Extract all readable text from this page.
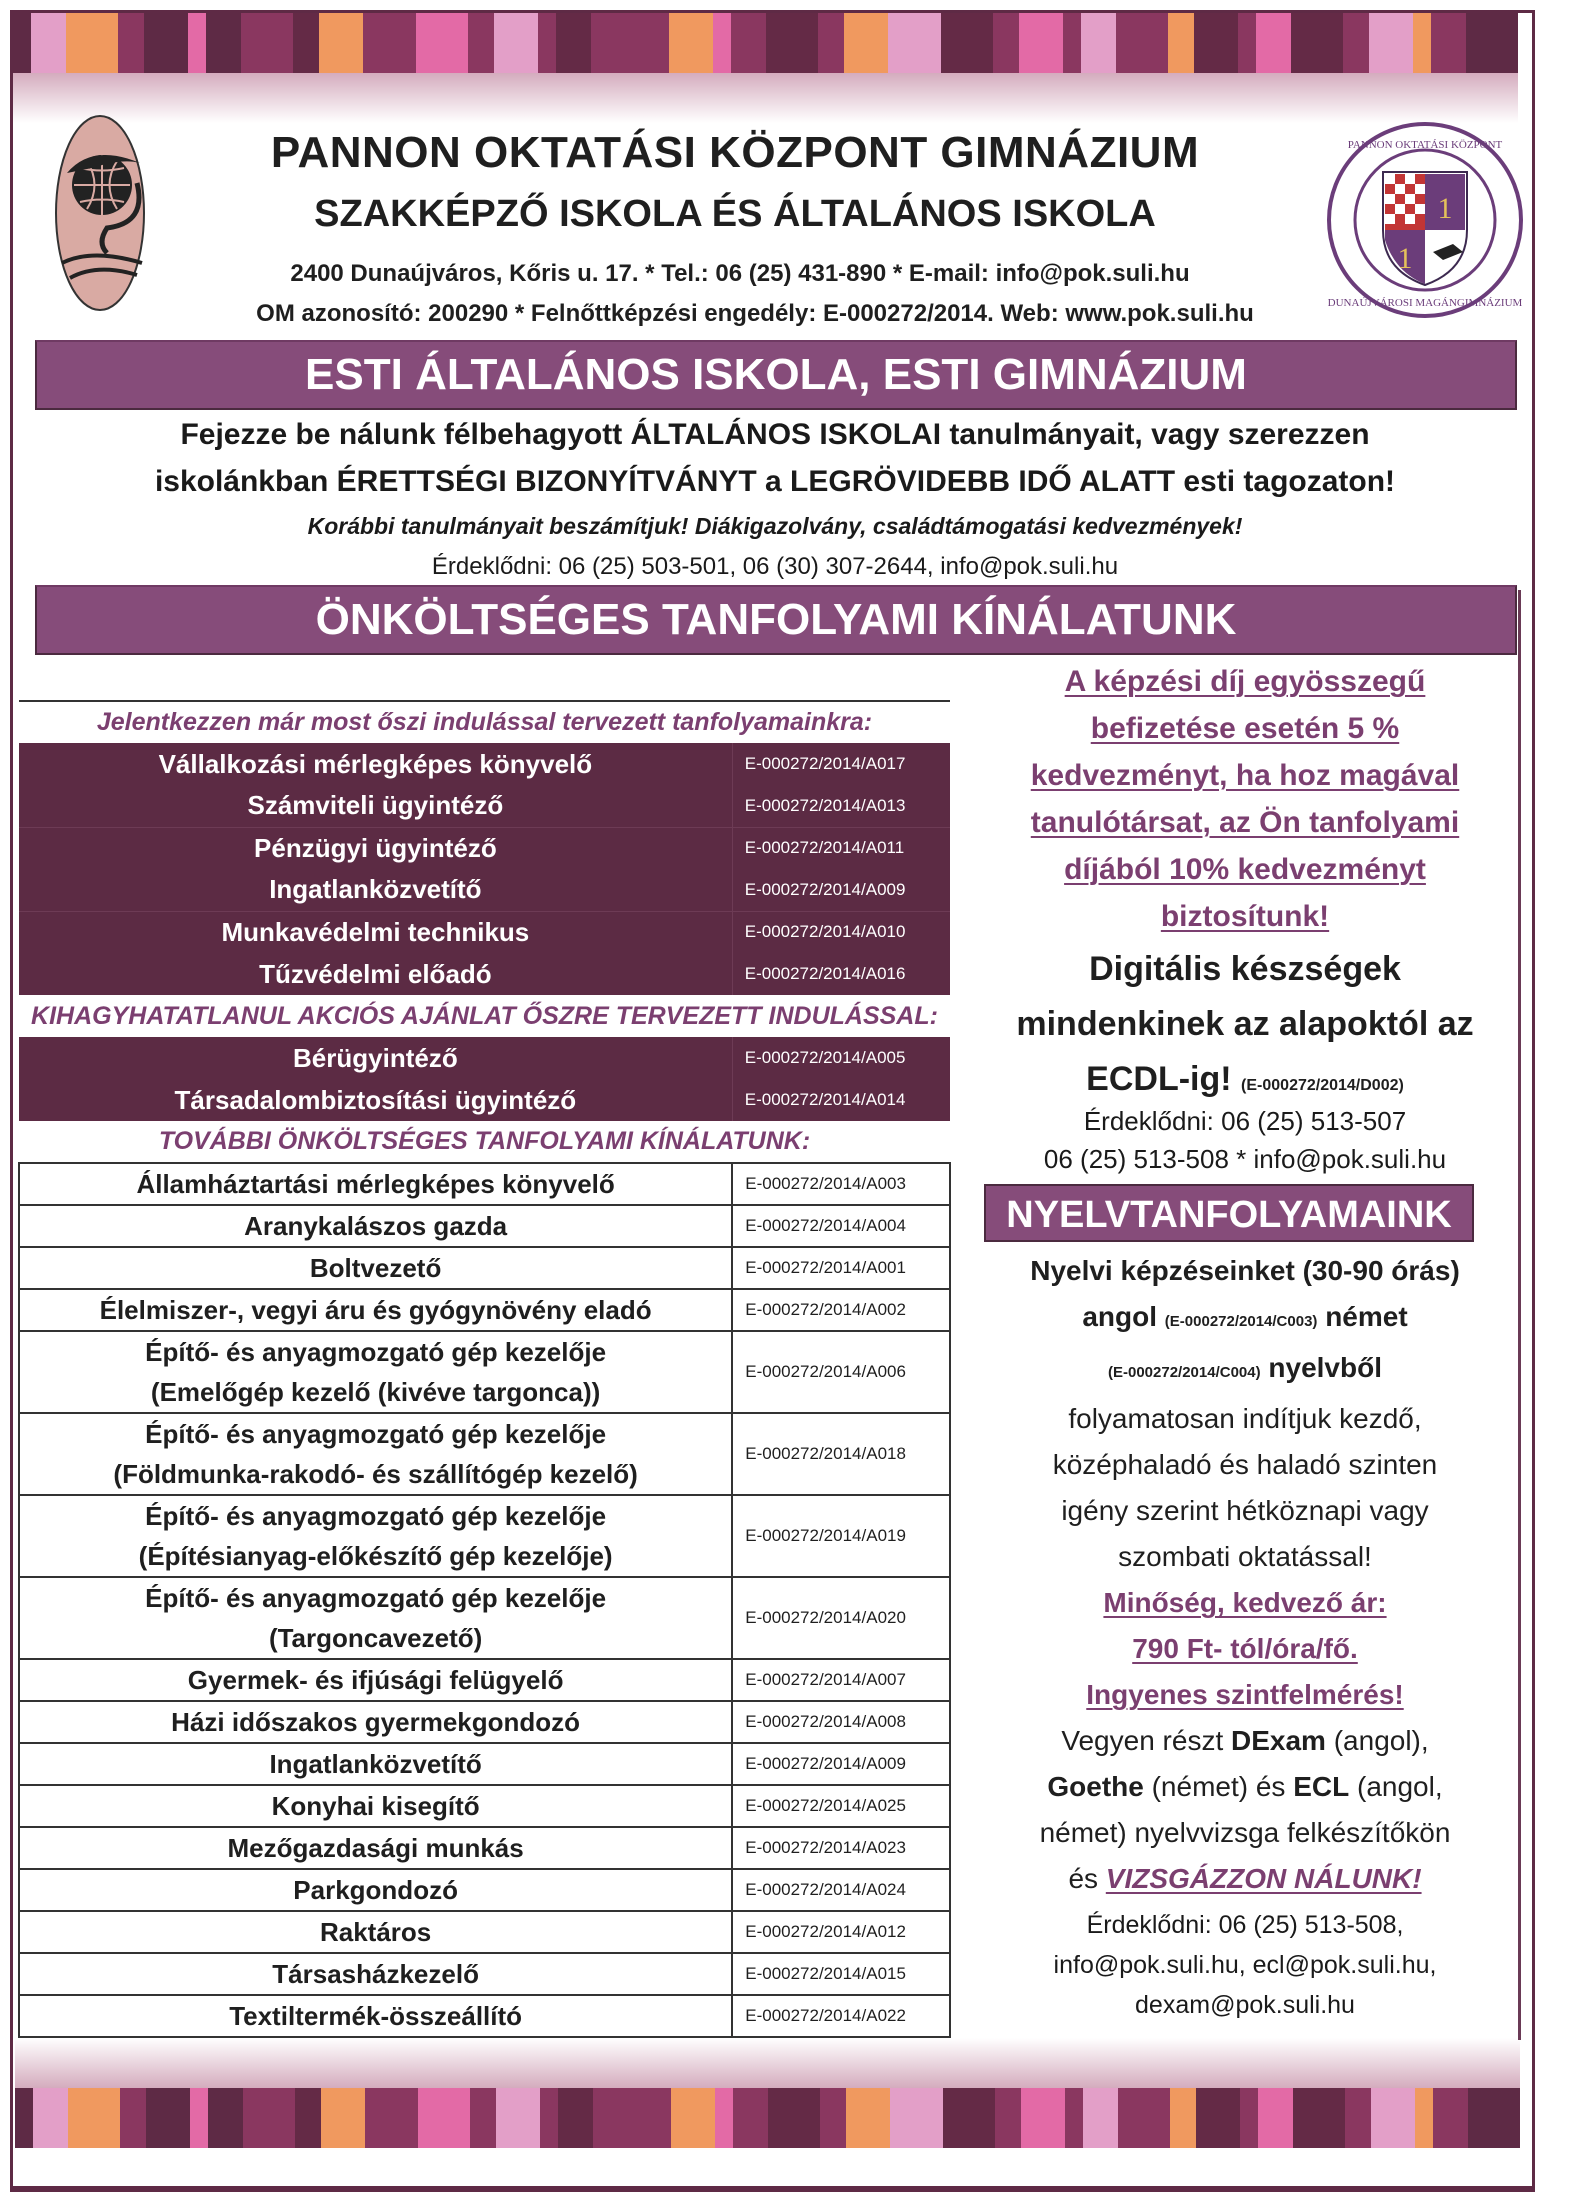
1
1
PANNON OKTATÁSI KÖZPONT
DUNAÚJVÁROSI MAGÁNGIMNÁZIUM
PANNON OKTATÁSI KÖZPONT GIMNÁZIUM
SZAKKÉPZŐ ISKOLA ÉS ÁLTALÁNOS ISKOLA
2400 Dunaújváros, Kőris u. 17. * Tel.: 06 (25) 431-890 * E-mail: info@pok.suli.hu
OM azonosító: 200290 * Felnőttképzési engedély: E-000272/2014. Web: www.pok.suli.hu
ESTI ÁLTALÁNOS ISKOLA, ESTI GIMNÁZIUM
Fejezze be nálunk félbehagyott ÁLTALÁNOS ISKOLAI tanulmányait, vagy szerezzen
iskolánkban ÉRETTSÉGI BIZONYÍTVÁNYT a LEGRÖVIDEBB IDŐ ALATT esti tagozaton!
Korábbi tanulmányait beszámítjuk! Diákigazolvány, családtámogatási kedvezmények!
Érdeklődni: 06 (25) 503-501, 06 (30) 307-2644, info@pok.suli.hu
ÖNKÖLTSÉGES TANFOLYAMI KÍNÁLATUNK
Jelentkezzen már most őszi indulással tervezett tanfolyamainkra:	

Vállalkozási mérlegképes könyvelő	E-000272/2014/A017

Számviteli ügyintéző	E-000272/2014/A013

Pénzügyi ügyintéző	E-000272/2014/A011

Ingatlanközvetítő	E-000272/2014/A009

Munkavédelmi technikus	E-000272/2014/A010

Tűzvédelmi előadó	E-000272/2014/A016
KIHAGYHATATLANUL AKCIÓS AJÁNLAT ŐSZRE TERVEZETT INDULÁSSAL:	

Bérügyintéző	E-000272/2014/A005

Társadalombiztosítási ügyintéző	E-000272/2014/A014
TOVÁBBI ÖNKÖLTSÉGES TANFOLYAMI KÍNÁLATUNK:	

Államháztartási mérlegképes könyvelő	E-000272/2014/A003

Aranykalászos gazda	E-000272/2014/A004

Boltvezető	E-000272/2014/A001

Élelmiszer-, vegyi áru és gyógynövény eladó	E-000272/2014/A002

Építő- és anyagmozgató gép kezelője
(Emelőgép kezelő (kivéve targonca))	E-000272/2014/A006

Építő- és anyagmozgató gép kezelője
(Földmunka-rakodó- és szállítógép kezelő)	E-000272/2014/A018

Építő- és anyagmozgató gép kezelője
(Építésianyag-előkészítő gép kezelője)	E-000272/2014/A019

Építő- és anyagmozgató gép kezelője
(Targoncavezető)	E-000272/2014/A020

Gyermek- és ifjúsági felügyelő	E-000272/2014/A007

Házi időszakos gyermekgondozó	E-000272/2014/A008

Ingatlanközvetítő	E-000272/2014/A009

Konyhai kisegítő	E-000272/2014/A025

Mezőgazdasági munkás	E-000272/2014/A023

Parkgondozó	E-000272/2014/A024

Raktáros	E-000272/2014/A012

Társasházkezelő	E-000272/2014/A015

Textiltermék-összeállító	E-000272/2014/A022
A képzési díj egyösszegű
befizetése esetén 5 %
kedvezményt, ha hoz magával
tanulótársat, az Ön tanfolyami
díjából 10% kedvezményt
biztosítunk!
Digitális készségek
mindenkinek az alapoktól az
ECDL-ig! (E-000272/2014/D002)
Érdeklődni: 06 (25) 513-507
06 (25) 513-508 * info@pok.suli.hu
NYELVTANFOLYAMAINK
Nyelvi képzéseinket (30-90 órás)
angol (E-000272/2014/C003) német
(E-000272/2014/C004) nyelvből
folyamatosan indítjuk kezdő,
középhaladó és haladó szinten
igény szerint hétköznapi vagy
szombati oktatással!
Minőség, kedvező ár:
790 Ft- tól/óra/fő.
Ingyenes szintfelmérés!
Vegyen részt DExam (angol),
Goethe (német) és ECL (angol,
német) nyelvvizsga felkészítőkön
és VIZSGÁZZON NÁLUNK!
Érdeklődni: 06 (25) 513-508,
info@pok.suli.hu, ecl@pok.suli.hu,
dexam@pok.suli.hu
